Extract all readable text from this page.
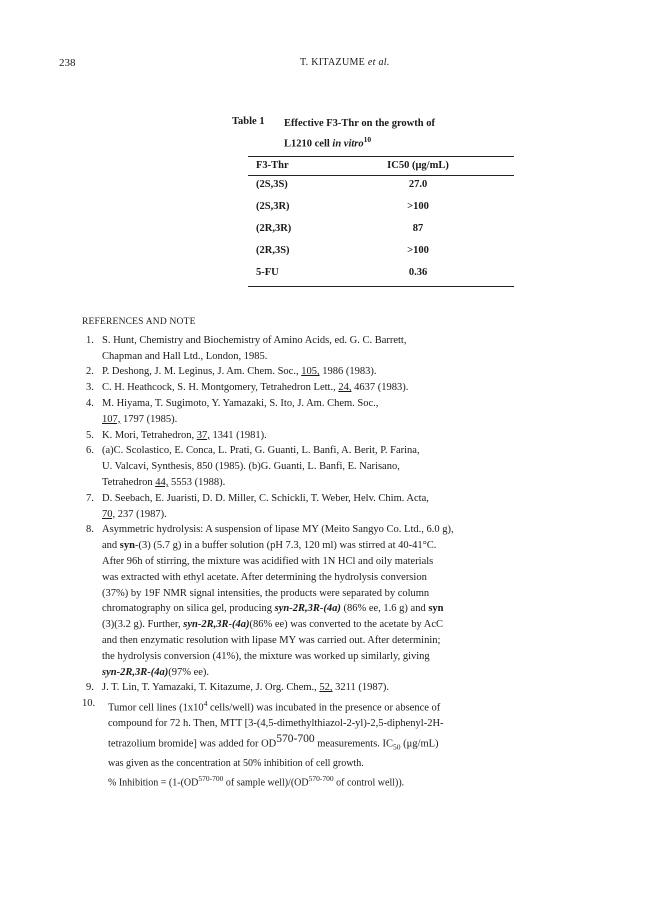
238	T. KITAZUME et al.
Table 1 Effective F3-Thr on the growth of
L1210 cell in vitro$^{10}$
F3-Thr	IC50 (μg/mL)
(2S,3S)	27.0
(2S,3R)	>100
(2R,3R)	87
(2R,3S)	>100
5-FU	0.36
REFERENCES AND NOTE
1. S. Hunt, Chemistry and Biochemistry of Amino Acids, ed. G. C. Barrett,
Chapman and Hall Ltd., London, 1985.
2. P. Deshong, J. M. Leginus, J. Am. Chem. Soc., 105, 1986 (1983).
3. C. H. Heathcock, S. H. Montgomery, Tetrahedron Lett., 24, 4637 (1983).
4. M. Hiyama, T. Sugimoto, Y. Yamazaki, S. Ito, J. Am. Chem. Soc.,
107, 1797 (1985).
5. K. Mori, Tetrahedron, 37, 1341 (1981).
6. (a)C. Scolastico, E. Conca, L. Prati, G. Guanti, L. Banfi, A. Berit, P. Farina,
U. Valcavi, Synthesis, 850 (1985). (b)G. Guanti, L. Banfi, E. Narisano,
Tetrahedron 44, 5553 (1988).
7. D. Seebach, E. Juaristi, D. D. Miller, C. Schickli, T. Weber, Helv. Chim. Acta,
70, 237 (1987).
8. Asymmetric hydrolysis: A suspension of lipase MY (Meito Sangyo Co. Ltd., 6.0 g),
and syn-(3) (5.7 g) in a buffer solution (pH 7.3, 120 ml) was stirred at 40-41°C.
After 96h of stirring, the mixture was acidified with 1N HCl and oily materials
was extracted with ethyl acetate. After determining the hydrolysis conversion
(37%) by 19F NMR signal intensities, the products were separated by column
chromatography on silica gel, producing syn-2R,3R-(4a) (86% ee, 1.6 g) and syn
(3)(3.2 g). Further, syn-2R,3R-(4a)(86% ee) was converted to the acetate by AcC
and then enzymatic resolution with lipase MY was carried out. After determinin;
the hydrolysis conversion (41%), the mixture was worked up similarly, giving
syn-2R,3R-(4a)(97% ee).
9. J. T. Lin, T. Yamazaki, T. Kitazume, J. Org. Chem., 52, 3211 (1987).
10. Tumor cell lines ($1x10^4$ cells/well) was incubated in the presence or absence of
compound for 72 h. Then, MTT [3-(4,5-dimethylthiazol-2-yl)-2,5-diphenyl-2H-
tetrazolium bromide] was added for OD$^{570-700}$ measurements. $IC_{50}$ (μg/mL)
was given as the concentration at 50% inhibition of cell growth.
% Inhibition = ($1-(OD^{570-700}$ of sample well)/(OD$^{570-700}$ of control well)).
